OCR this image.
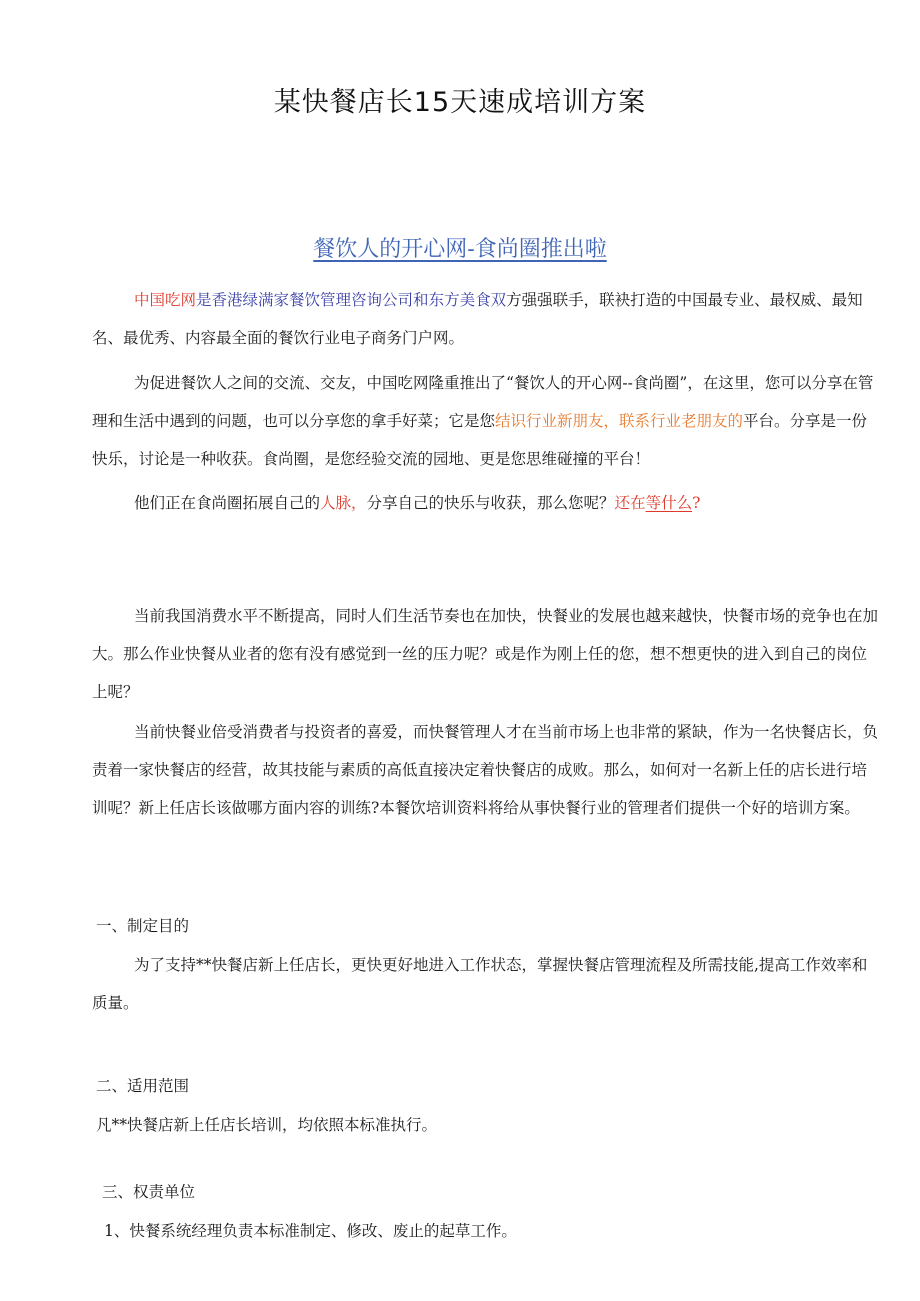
某快餐店长15天速成培训方案
餐饮人的开心网-食尚圈推出啦

中国吃网是香港绿满家餐饮管理咨询公司和东方美食双方强强联手，联袂打造的中国最专业、最权威、最知名、最优秀、内容最全面的餐饮行业电子商务门户网。

为促进餐饮人之间的交流、交友，中国吃网隆重推出了“餐饮人的开心网--食尚圈”，在这里，您可以分享在管理和生活中遇到的问题，也可以分享您的拿手好菜；它是您结识行业新朋友，联系行业老朋友的平台。分享是一份快乐，讨论是一种收获。食尚圈，是您经验交流的园地、更是您思维碰撞的平台！

他们正在食尚圈拓展自己的人脉，分享自己的快乐与收获，那么您呢？还在等什么?

当前我国消费水平不断提高，同时人们生活节奏也在加快，快餐业的发展也越来越快，快餐市场的竞争也在加大。那么作业快餐从业者的您有没有感觉到一丝的压力呢？或是作为刚上任的您，想不想更快的进入到自己的岗位上呢？

当前快餐业倍受消费者与投资者的喜爱，而快餐管理人才在当前市场上也非常的紧缺，作为一名快餐店长，负责着一家快餐店的经营，故其技能与素质的高低直接决定着快餐店的成败。那么，如何对一名新上任的店长进行培训呢？新上任店长该做哪方面内容的训练?本餐饮培训资料将给从事快餐行业的管理者们提供一个好的培训方案。

一、制定目的

为了支持**快餐店新上任店长，更快更好地进入工作状态，掌握快餐店管理流程及所需技能,提高工作效率和质量。

二、适用范围

凡**快餐店新上任店长培训，均依照本标准执行。

三、权责单位

1、快餐系统经理负责本标准制定、修改、废止的起草工作。
